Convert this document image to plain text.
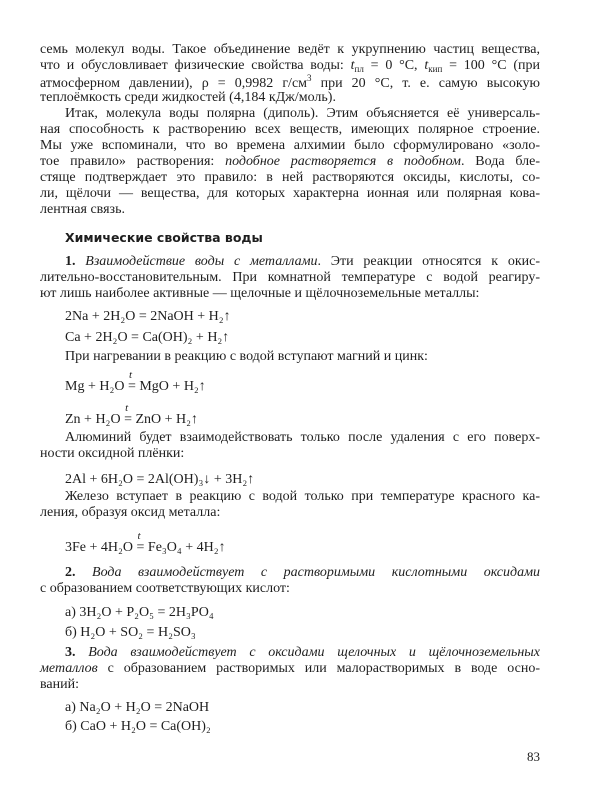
семь молекул воды. Такое объединение ведёт к укрупнению частиц вещества,
что и обусловливает физические свойства воды: $t_{пл} = 0$ °C, $t_{кип} = 100$ °C (при
атмосферном давлении), ρ = 0,9982 $г/см^3$ при 20 °C, т. е. самую высокую
теплоёмкость среди жидкостей (4,184 кДж/моль).
Итак, молекула воды полярна (диполь). Этим объясняется её универсаль-
ная способность к растворению всех веществ, имеющих полярное строение.
Мы уже вспоминали, что во времена алхимии было сформулировано «золо-
тое правило» растворения: подобное растворяется в подобном. Вода бле-
стяще подтверждает это правило: в ней растворяются оксиды, кислоты, со-
ли, щёлочи — вещества, для которых характерна ионная или полярная кова-
лентная связь.
Химические свойства воды
1. Взаимодействие воды с металлами. Эти реакции относятся к окис-
лительно-восстановительным. При комнатной температуре с водой реагиру-
ют лишь наиболее активные — щелочные и щёлочноземельные металлы:
2Na + 2H₂O = 2NaOH + H₂↑
Ca + 2H₂O = Ca(OH)₂ + H₂↑
При нагревании в реакцию с водой вступают магний и цинк:
Mg + H₂O
t
= MgO + H₂↑
Zn + H₂O
t
= ZnO + H₂↑
Алюминий будет взаимодействовать только после удаления с его поверх-
ности оксидной плёнки:
2Al + 6H₂O = 2Al(OH)₃↓ + 3H₂↑
Железо вступает в реакцию с водой только при температуре красного ка-
ления, образуя оксид металла:
3Fe + 4H₂O
t
= Fe₃O₄ + 4H₂↑
2. Вода взаимодействует с растворимыми кислотными оксидами
с образованием соответствующих кислот:
а) 3H₂O + P₂O₅ = 2H₃PO₄
б) H₂O + SO₂ = H₂SO₃
3. Вода взаимодействует с оксидами щелочных и щёлочноземельных
металлов с образованием растворимых или малорастворимых в воде осно-
ваний:
а) Na₂O + H₂O = 2NaOH
б) CaO + H₂O = Ca(OH)₂
83
